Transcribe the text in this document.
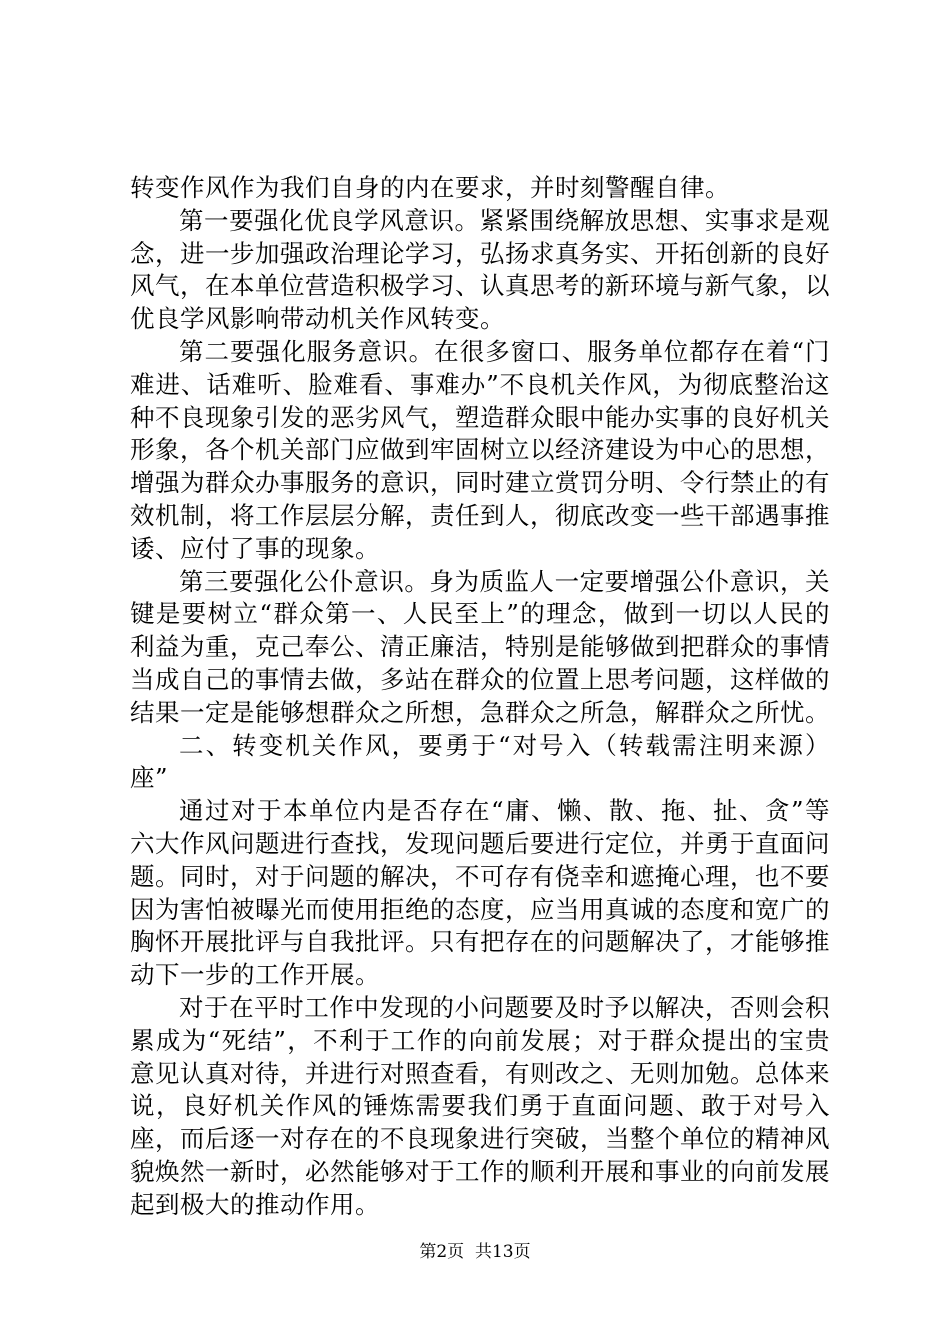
转变作风作为我们自身的内在要求，并时刻警醒自律。

第一要强化优良学风意识。紧紧围绕解放思想、实事求是观念，进一步加强政治理论学习，弘扬求真务实、开拓创新的良好风气，在本单位营造积极学习、认真思考的新环境与新气象，以优良学风影响带动机关作风转变。

第二要强化服务意识。在很多窗口、服务单位都存在着“门难进、话难听、脸难看、事难办”不良机关作风，为彻底整治这种不良现象引发的恶劣风气，塑造群众眼中能办实事的良好机关形象，各个机关部门应做到牢固树立以经济建设为中心的思想，增强为群众办事服务的意识，同时建立赏罚分明、令行禁止的有效机制，将工作层层分解，责任到人，彻底改变一些干部遇事推诿、应付了事的现象。

第三要强化公仆意识。身为质监人一定要增强公仆意识，关键是要树立“群众第一、人民至上”的理念，做到一切以人民的利益为重，克己奉公、清正廉洁，特别是能够做到把群众的事情当成自己的事情去做，多站在群众的位置上思考问题，这样做的结果一定是能够想群众之所想，急群众之所急，解群众之所忧。

二、转变机关作风，要勇于“对号入（转载需注明来源）座”

通过对于本单位内是否存在“庸、懒、散、拖、扯、贪”等六大作风问题进行查找，发现问题后要进行定位，并勇于直面问题。同时，对于问题的解决，不可存有侥幸和遮掩心理，也不要因为害怕被曝光而使用拒绝的态度，应当用真诚的态度和宽广的胸怀开展批评与自我批评。只有把存在的问题解决了，才能够推动下一步的工作开展。

对于在平时工作中发现的小问题要及时予以解决，否则会积累成为“死结”，不利于工作的向前发展；对于群众提出的宝贵意见认真对待，并进行对照查看，有则改之、无则加勉。总体来说，良好机关作风的锤炼需要我们勇于直面问题、敢于对号入座，而后逐一对存在的不良现象进行突破，当整个单位的精神风貌焕然一新时，必然能够对于工作的顺利开展和事业的向前发展起到极大的推动作用。

第2页  共13页
